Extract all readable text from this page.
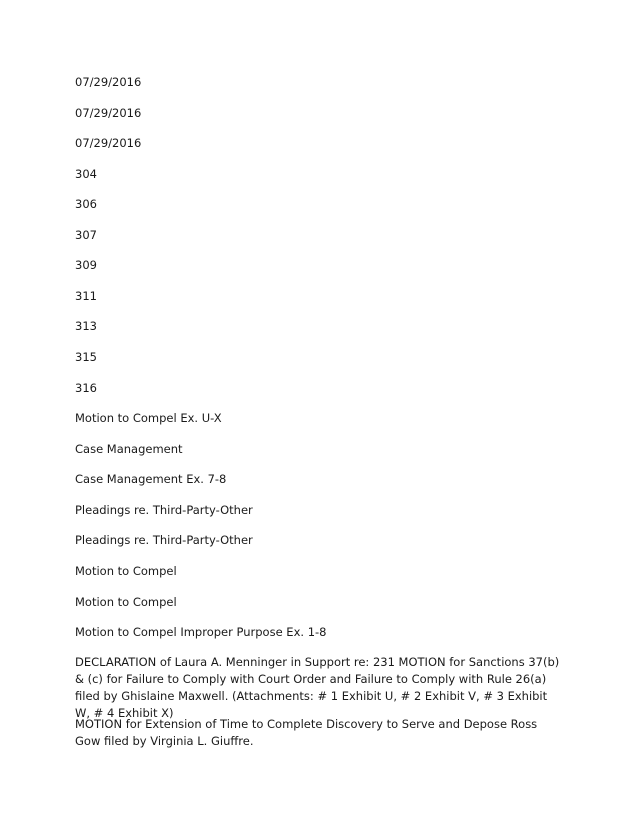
07/29/2016
07/29/2016
07/29/2016
304
306
307
309
311
313
315
316
Motion to Compel Ex. U-X
Case Management
Case Management Ex. 7-8
Pleadings re. Third-Party-Other
Pleadings re. Third-Party-Other
Motion to Compel
Motion to Compel
Motion to Compel Improper Purpose Ex. 1-8
DECLARATION of Laura A. Menninger in Support re: 231 MOTION for Sanctions 37(b) & (c) for Failure to Comply with Court Order and Failure to Comply with Rule 26(a) filed by Ghislaine Maxwell. (Attachments: # 1 Exhibit U, # 2 Exhibit V, # 3 Exhibit W, # 4 Exhibit X)
MOTION for Extension of Time to Complete Discovery to Serve and Depose Ross Gow filed by Virginia L. Giuffre.
